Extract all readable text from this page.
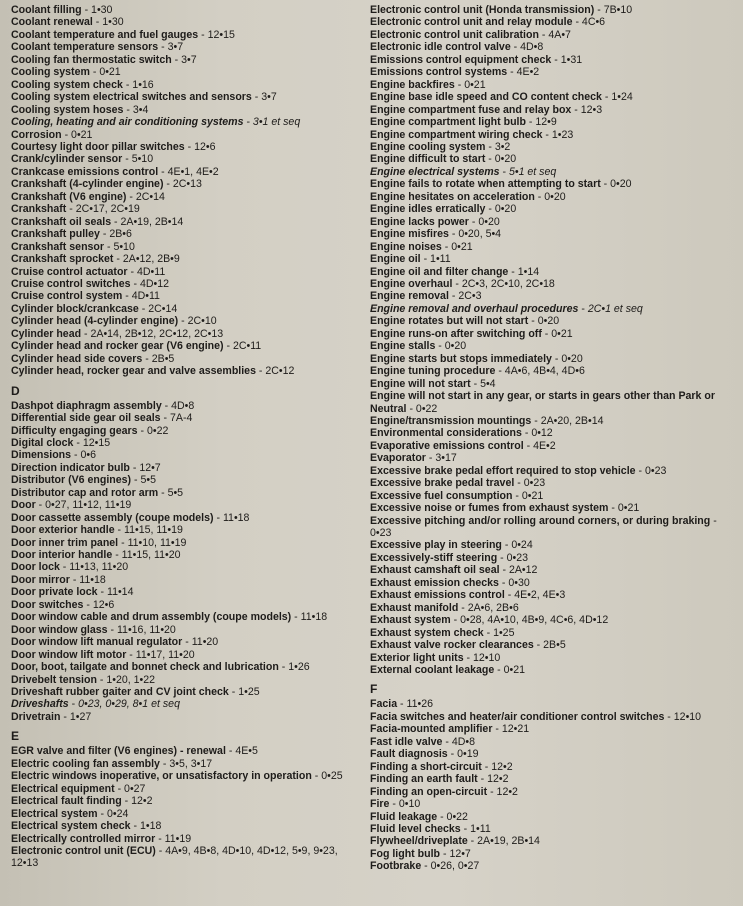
Coolant filling - 1•30
Coolant renewal - 1•30
Coolant temperature and fuel gauges - 12•15
Coolant temperature sensors - 3•7
Cooling fan thermostatic switch - 3•7
Cooling system - 0•21
Cooling system check - 1•16
Cooling system electrical switches and sensors - 3•7
Cooling system hoses - 3•4
Cooling, heating and air conditioning systems - 3•1 et seq
Corrosion - 0•21
Courtesy light door pillar switches - 12•6
Crank/cylinder sensor - 5•10
Crankcase emissions control - 4E•1, 4E•2
Crankshaft (4-cylinder engine) - 2C•13
Crankshaft (V6 engine) - 2C•14
Crankshaft - 2C•17, 2C•19
Crankshaft oil seals - 2A•19, 2B•14
Crankshaft pulley - 2B•6
Crankshaft sensor - 5•10
Crankshaft sprocket - 2A•12, 2B•9
Cruise control actuator - 4D•11
Cruise control switches - 4D•12
Cruise control system - 4D•11
Cylinder block/crankcase - 2C•14
Cylinder head (4-cylinder engine) - 2C•10
Cylinder head - 2A•14, 2B•12, 2C•12, 2C•13
Cylinder head and rocker gear (V6 engine) - 2C•11
Cylinder head side covers - 2B•5
Cylinder head, rocker gear and valve assemblies - 2C•12
D
Dashpot diaphragm assembly - 4D•8
Differential side gear oil seals - 7A-4
Difficulty engaging gears - 0•22
Digital clock - 12•15
Dimensions - 0•6
Direction indicator bulb - 12•7
Distributor (V6 engines) - 5•5
Distributor cap and rotor arm - 5•5
Door - 0•27, 11•12, 11•19
Door cassette assembly (coupe models) - 11•18
Door exterior handle - 11•15, 11•19
Door inner trim panel - 11•10, 11•19
Door interior handle - 11•15, 11•20
Door lock - 11•13, 11•20
Door mirror - 11•18
Door private lock - 11•14
Door switches - 12•6
Door window cable and drum assembly (coupe models) - 11•18
Door window glass - 11•16, 11•20
Door window lift manual regulator - 11•20
Door window lift motor - 11•17, 11•20
Door, boot, tailgate and bonnet check and lubrication - 1•26
Drivebelt tension - 1•20, 1•22
Driveshaft rubber gaiter and CV joint check - 1•25
Driveshafts - 0•23, 0•29, 8•1 et seq
Drivetrain - 1•27
E
EGR valve and filter (V6 engines) - renewal - 4E•5
Electric cooling fan assembly - 3•5, 3•17
Electric windows inoperative, or unsatisfactory in operation - 0•25
Electrical equipment - 0•27
Electrical fault finding - 12•2
Electrical system - 0•24
Electrical system check - 1•18
Electrically controlled mirror - 11•19
Electronic control unit (ECU) - 4A•9, 4B•8, 4D•10, 4D•12, 5•9, 9•23, 12•13
Electronic control unit (Honda transmission) - 7B•10
Electronic control unit and relay module - 4C•6
Electronic control unit calibration - 4A•7
Electronic idle control valve - 4D•8
Emissions control equipment check - 1•31
Emissions control systems - 4E•2
Engine backfires - 0•21
Engine base idle speed and CO content check - 1•24
Engine compartment fuse and relay box - 12•3
Engine compartment light bulb - 12•9
Engine compartment wiring check - 1•23
Engine cooling system - 3•2
Engine difficult to start - 0•20
Engine electrical systems - 5•1 et seq
Engine fails to rotate when attempting to start - 0•20
Engine hesitates on acceleration - 0•20
Engine idles erratically - 0•20
Engine lacks power - 0•20
Engine misfires - 0•20, 5•4
Engine noises - 0•21
Engine oil - 1•11
Engine oil and filter change - 1•14
Engine overhaul - 2C•3, 2C•10, 2C•18
Engine removal - 2C•3
Engine removal and overhaul procedures - 2C•1 et seq
Engine rotates but will not start - 0•20
Engine runs-on after switching off - 0•21
Engine stalls - 0•20
Engine starts but stops immediately - 0•20
Engine tuning procedure - 4A•6, 4B•4, 4D•6
Engine will not start - 5•4
Engine will not start in any gear, or starts in gears other than Park or Neutral - 0•22
Engine/transmission mountings - 2A•20, 2B•14
Environmental considerations - 0•12
Evaporative emissions control - 4E•2
Evaporator - 3•17
Excessive brake pedal effort required to stop vehicle - 0•23
Excessive brake pedal travel - 0•23
Excessive fuel consumption - 0•21
Excessive noise or fumes from exhaust system - 0•21
Excessive pitching and/or rolling around corners, or during braking - 0•23
Excessive play in steering - 0•24
Excessively-stiff steering - 0•23
Exhaust camshaft oil seal - 2A•12
Exhaust emission checks - 0•30
Exhaust emissions control - 4E•2, 4E•3
Exhaust manifold - 2A•6, 2B•6
Exhaust system - 0•28, 4A•10, 4B•9, 4C•6, 4D•12
Exhaust system check - 1•25
Exhaust valve rocker clearances - 2B•5
Exterior light units - 12•10
External coolant leakage - 0•21
F
Facia - 11•26
Facia switches and heater/air conditioner control switches - 12•10
Facia-mounted amplifier - 12•21
Fast idle valve - 4D•8
Fault diagnosis - 0•19
Finding a short-circuit - 12•2
Finding an earth fault - 12•2
Finding an open-circuit - 12•2
Fire - 0•10
Fluid leakage - 0•22
Fluid level checks - 1•11
Flywheel/driveplate - 2A•19, 2B•14
Fog light bulb - 12•7
Footbrake - 0•26, 0•27
